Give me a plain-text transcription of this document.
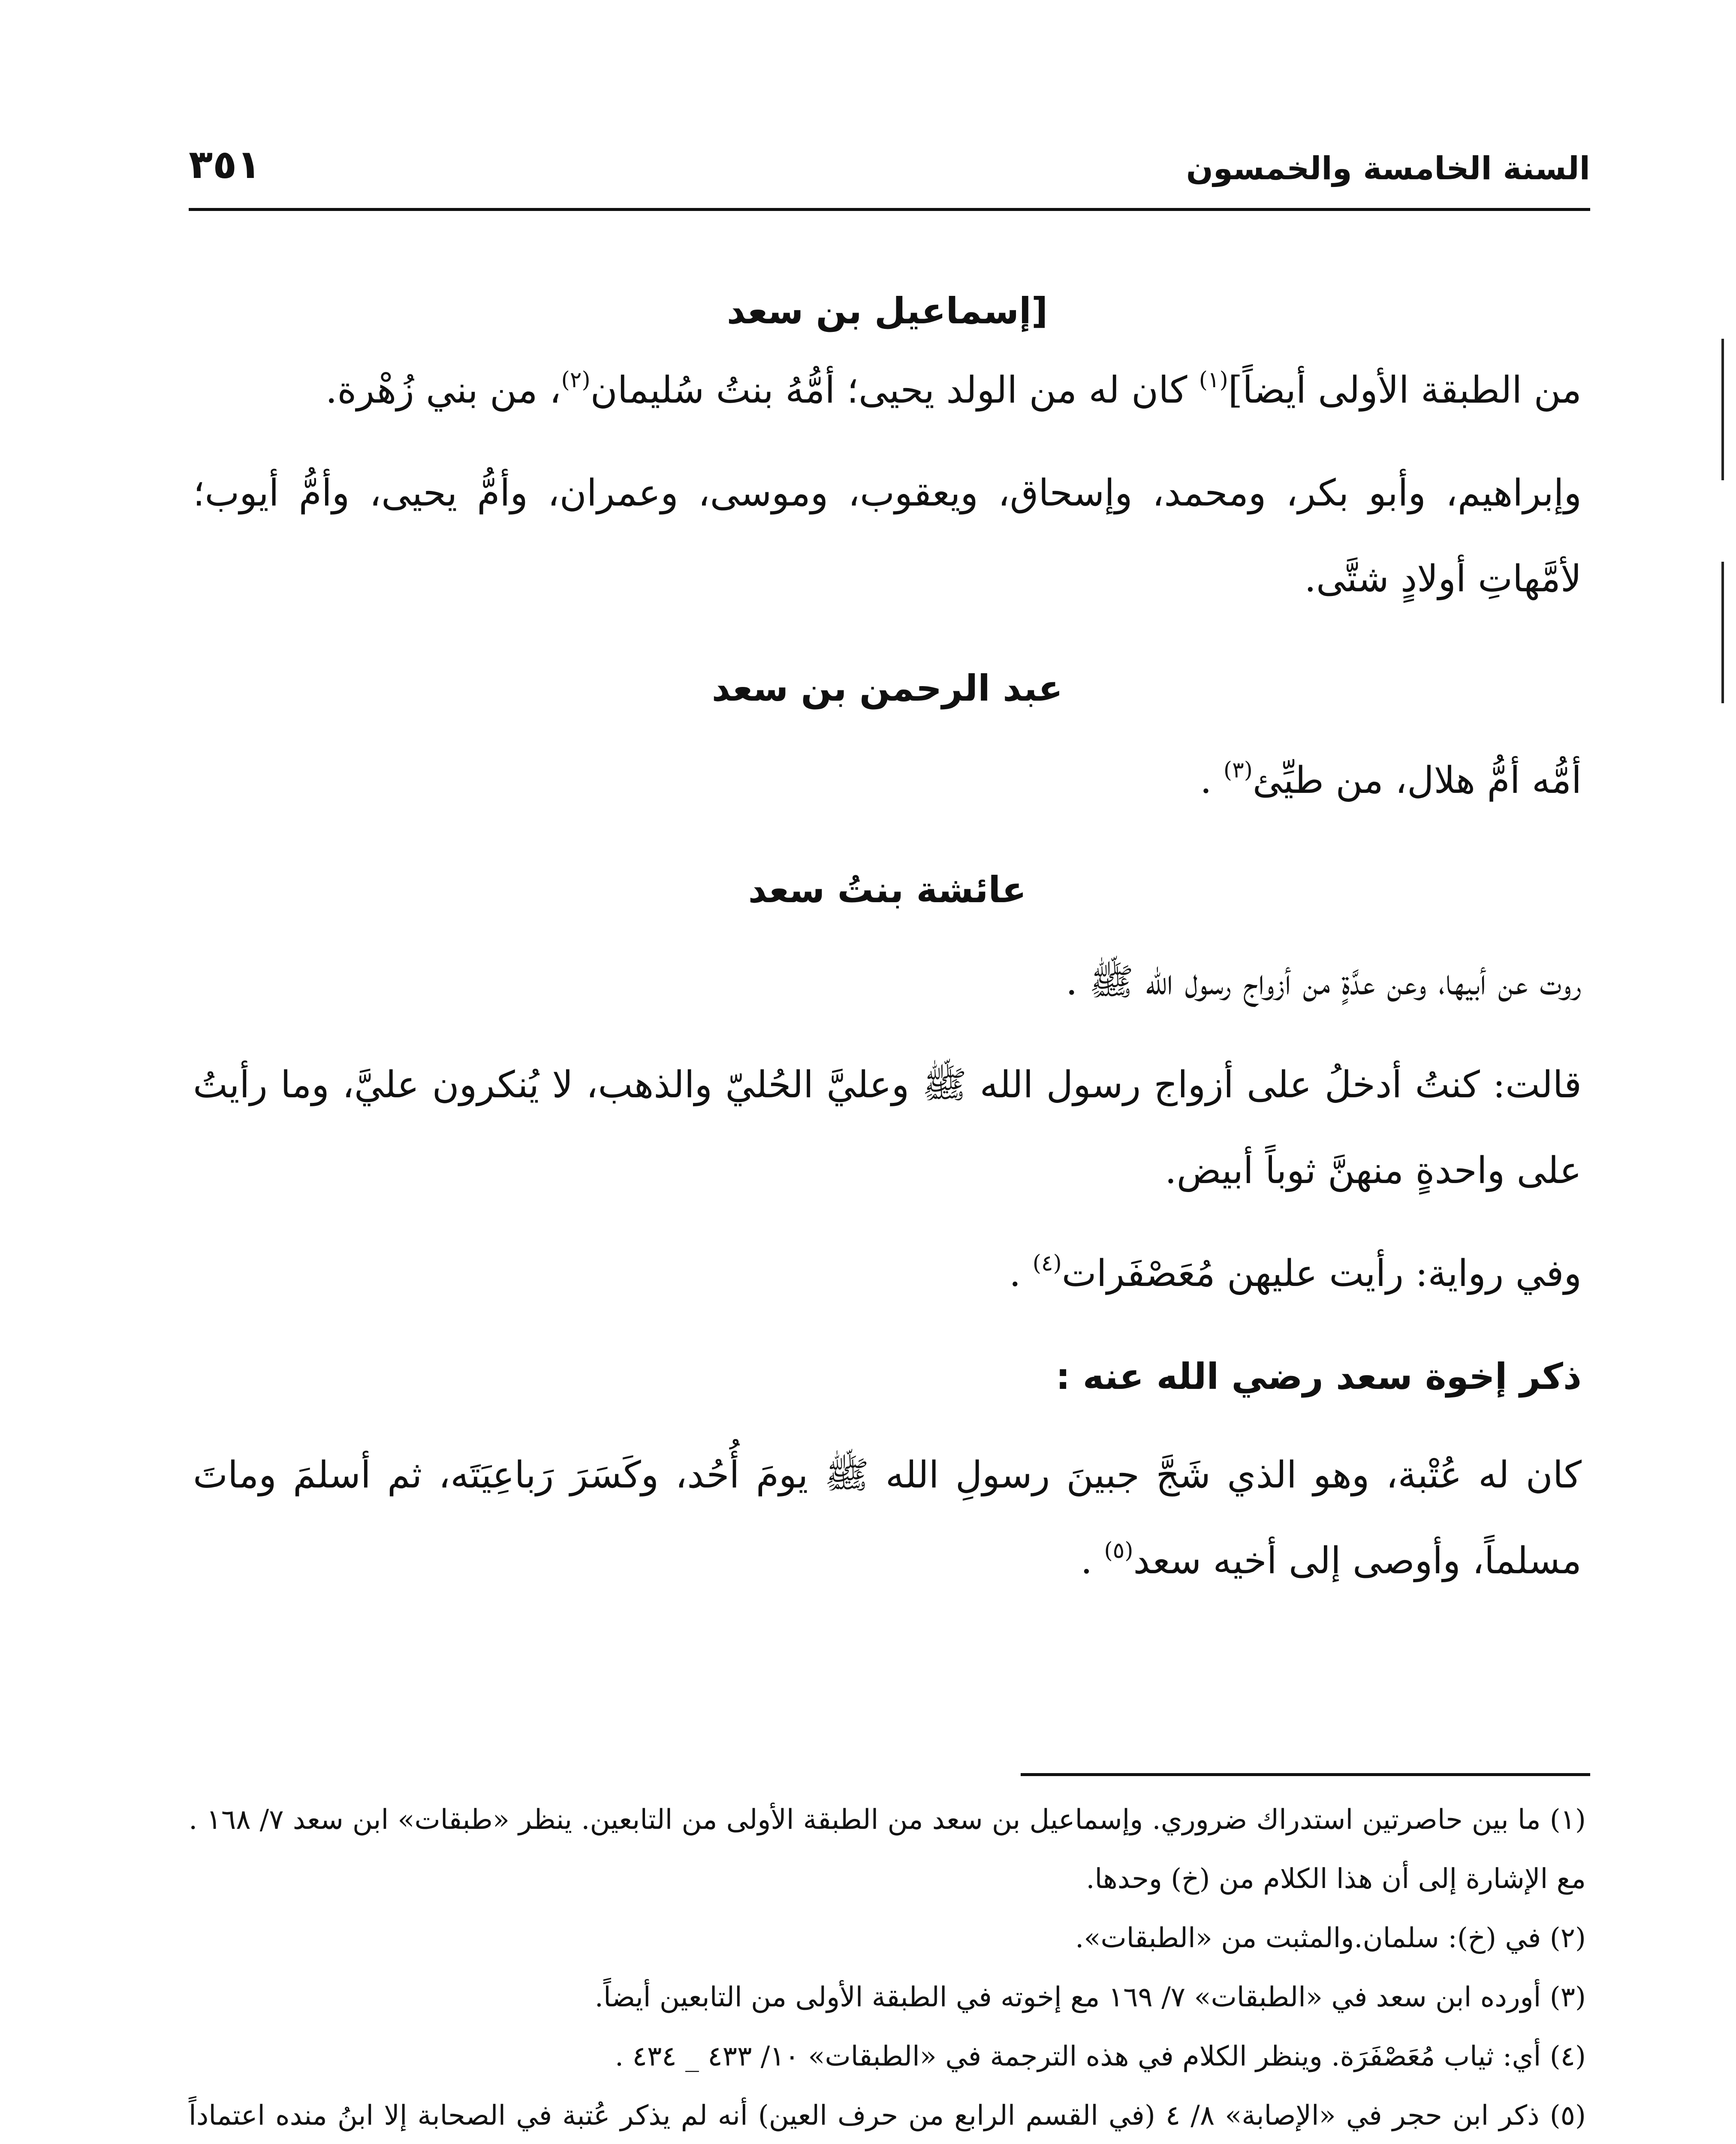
السنة الخامسة والخمسون
٣٥١
[إسماعيل بن سعد

من الطبقة الأولى أيضاً]$^{(١)}$ كان له من الولد يحيى؛ أمُّهُ بنتُ سُليمان$^{(٢)}$، من بني زُهْرة.

وإبراهيم، وأبو بكر، ومحمد، وإسحاق، ويعقوب، وموسى، وعمران، وأمُّ يحيى، وأمُّ أيوب؛ لأمَّهاتِ أولادٍ شتَّى.

عبد الرحمن بن سعد

أمُّه أمُّ هلال، من طيِّئ$^{(٣)}$ .

عائشة بنتُ سعد

روت عن أبيها، وعن عدَّةٍ من أزواج رسول الله ﷺ .

قالت: كنتُ أدخلُ على أزواج رسول الله ﷺ وعليَّ الحُليّ والذهب، لا يُنكرون عليَّ، وما رأيتُ على واحدةٍ منهنَّ ثوباً أبيض.

وفي رواية: رأيت عليهن مُعَصْفَرات$^{(٤)}$ .

ذكر إخوة سعد رضي الله عنه :

كان له عُتْبة، وهو الذي شَجَّ جبينَ رسولِ الله ﷺ يومَ أُحُد، وكَسَرَ رَباعِيَتَه، ثم أسلمَ وماتَ مسلماً، وأوصى إلى أخيه سعد$^{(٥)}$ .

(١) ما بين حاصرتين استدراك ضروري. وإسماعيل بن سعد من الطبقة الأولى من التابعين. ينظر «طبقات» ابن سعد ٧/ ١٦٨ . مع الإشارة إلى أن هذا الكلام من (خ) وحدها.

(٢) في (خ): سلمان.والمثبت من «الطبقات».

(٣) أورده ابن سعد في «الطبقات» ٧/ ١٦٩ مع إخوته في الطبقة الأولى من التابعين أيضاً.

(٤) أي: ثياب مُعَصْفَرَة. وينظر الكلام في هذه الترجمة في «الطبقات» ١٠/ ٤٣٣ _ ٤٣٤ .

(٥) ذكر ابن حجر في «الإصابة» ٨/ ٤ (في القسم الرابع من حرف العين) أنه لم يذكر عُتبة في الصحابة إلا ابنُ منده اعتماداً
